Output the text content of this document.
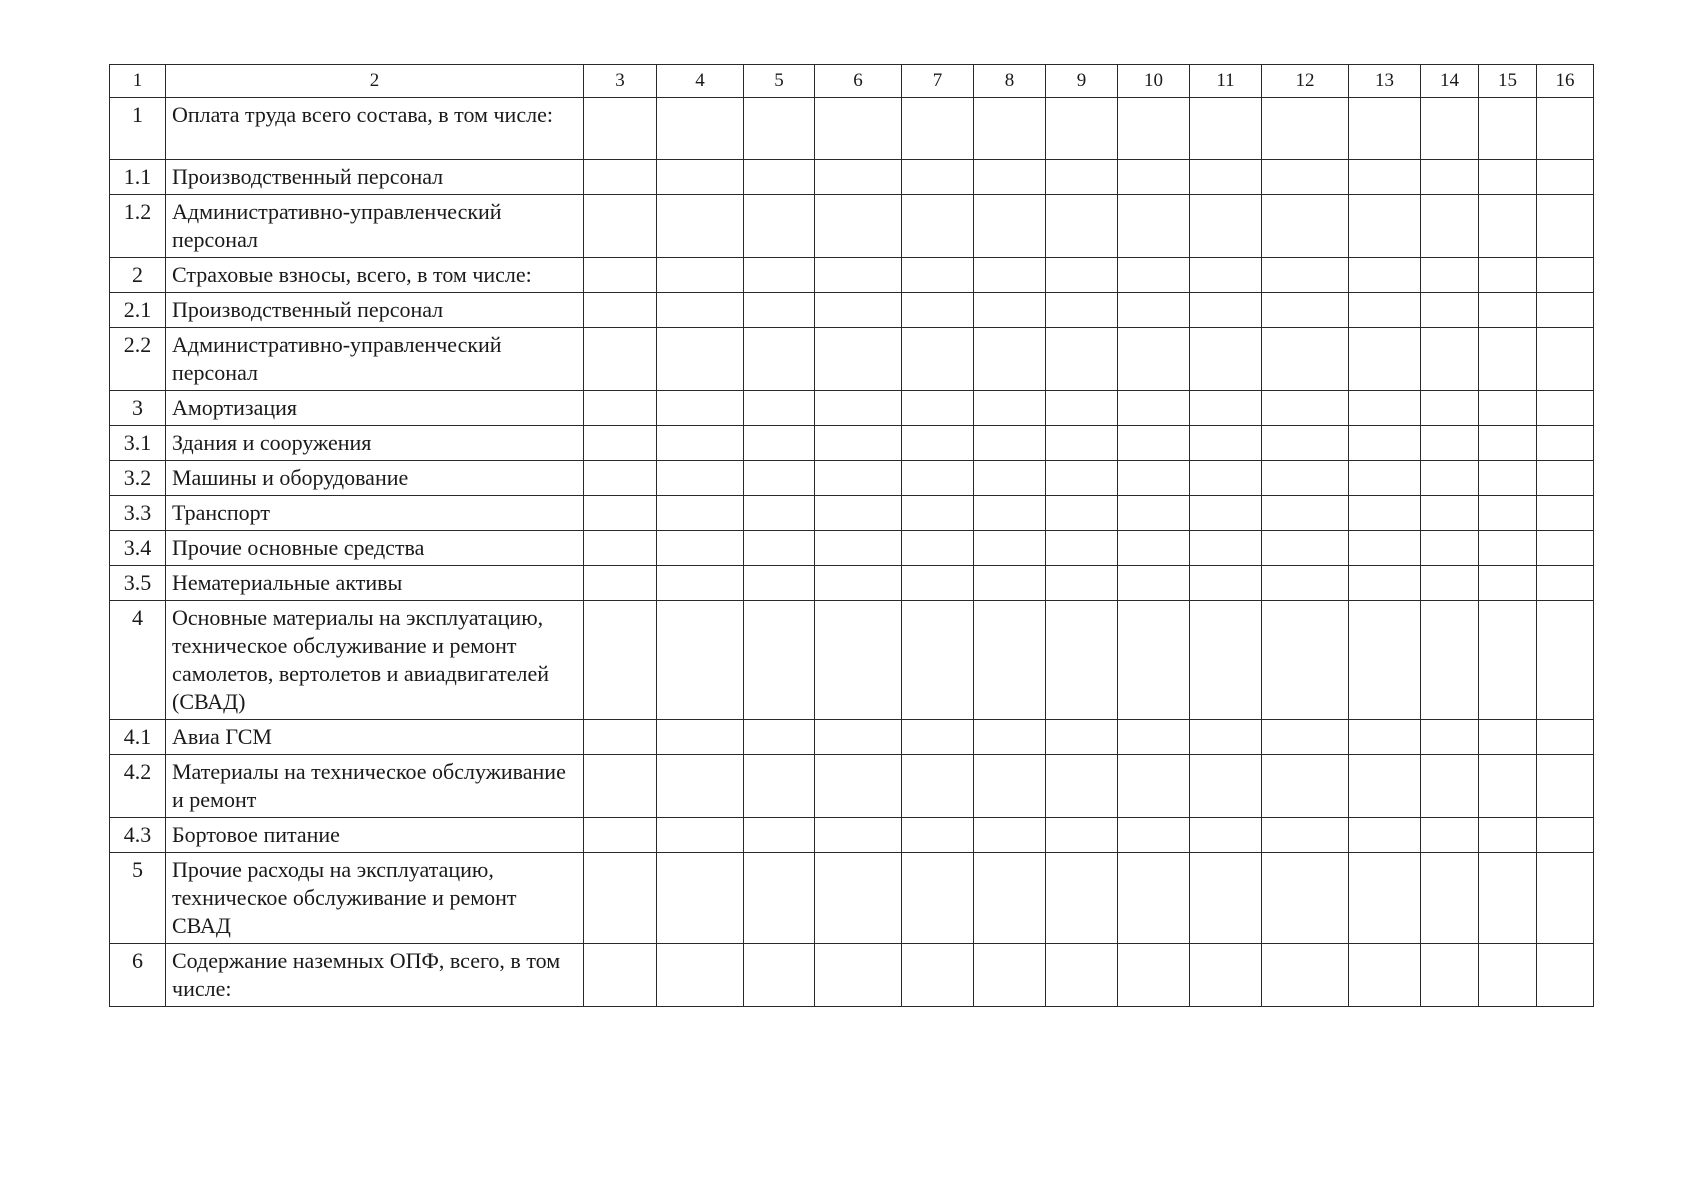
1	2	3	4	5	6	7	8	9	10	11	12	13	14	15	16
1	Оплата труда всего состава, в том числе:														
1.1	Производственный персонал														
1.2	Административно-управленческий персонал														
2	Страховые взносы, всего, в том числе:														
2.1	Производственный персонал														
2.2	Административно-управленческий персонал														
3	Амортизация														
3.1	Здания и сооружения														
3.2	Машины и оборудование														
3.3	Транспорт														
3.4	Прочие основные средства														
3.5	Нематериальные активы														
4	Основные материалы на эксплуатацию, техническое обслуживание и ремонт самолетов, вертолетов и авиадвигателей (СВАД)														
4.1	Авиа ГСМ														
4.2	Материалы на техническое обслуживание и ремонт														
4.3	Бортовое питание														
5	Прочие расходы на эксплуатацию, техническое обслуживание и ремонт СВАД														
6	Содержание наземных ОПФ, всего, в том числе:														
